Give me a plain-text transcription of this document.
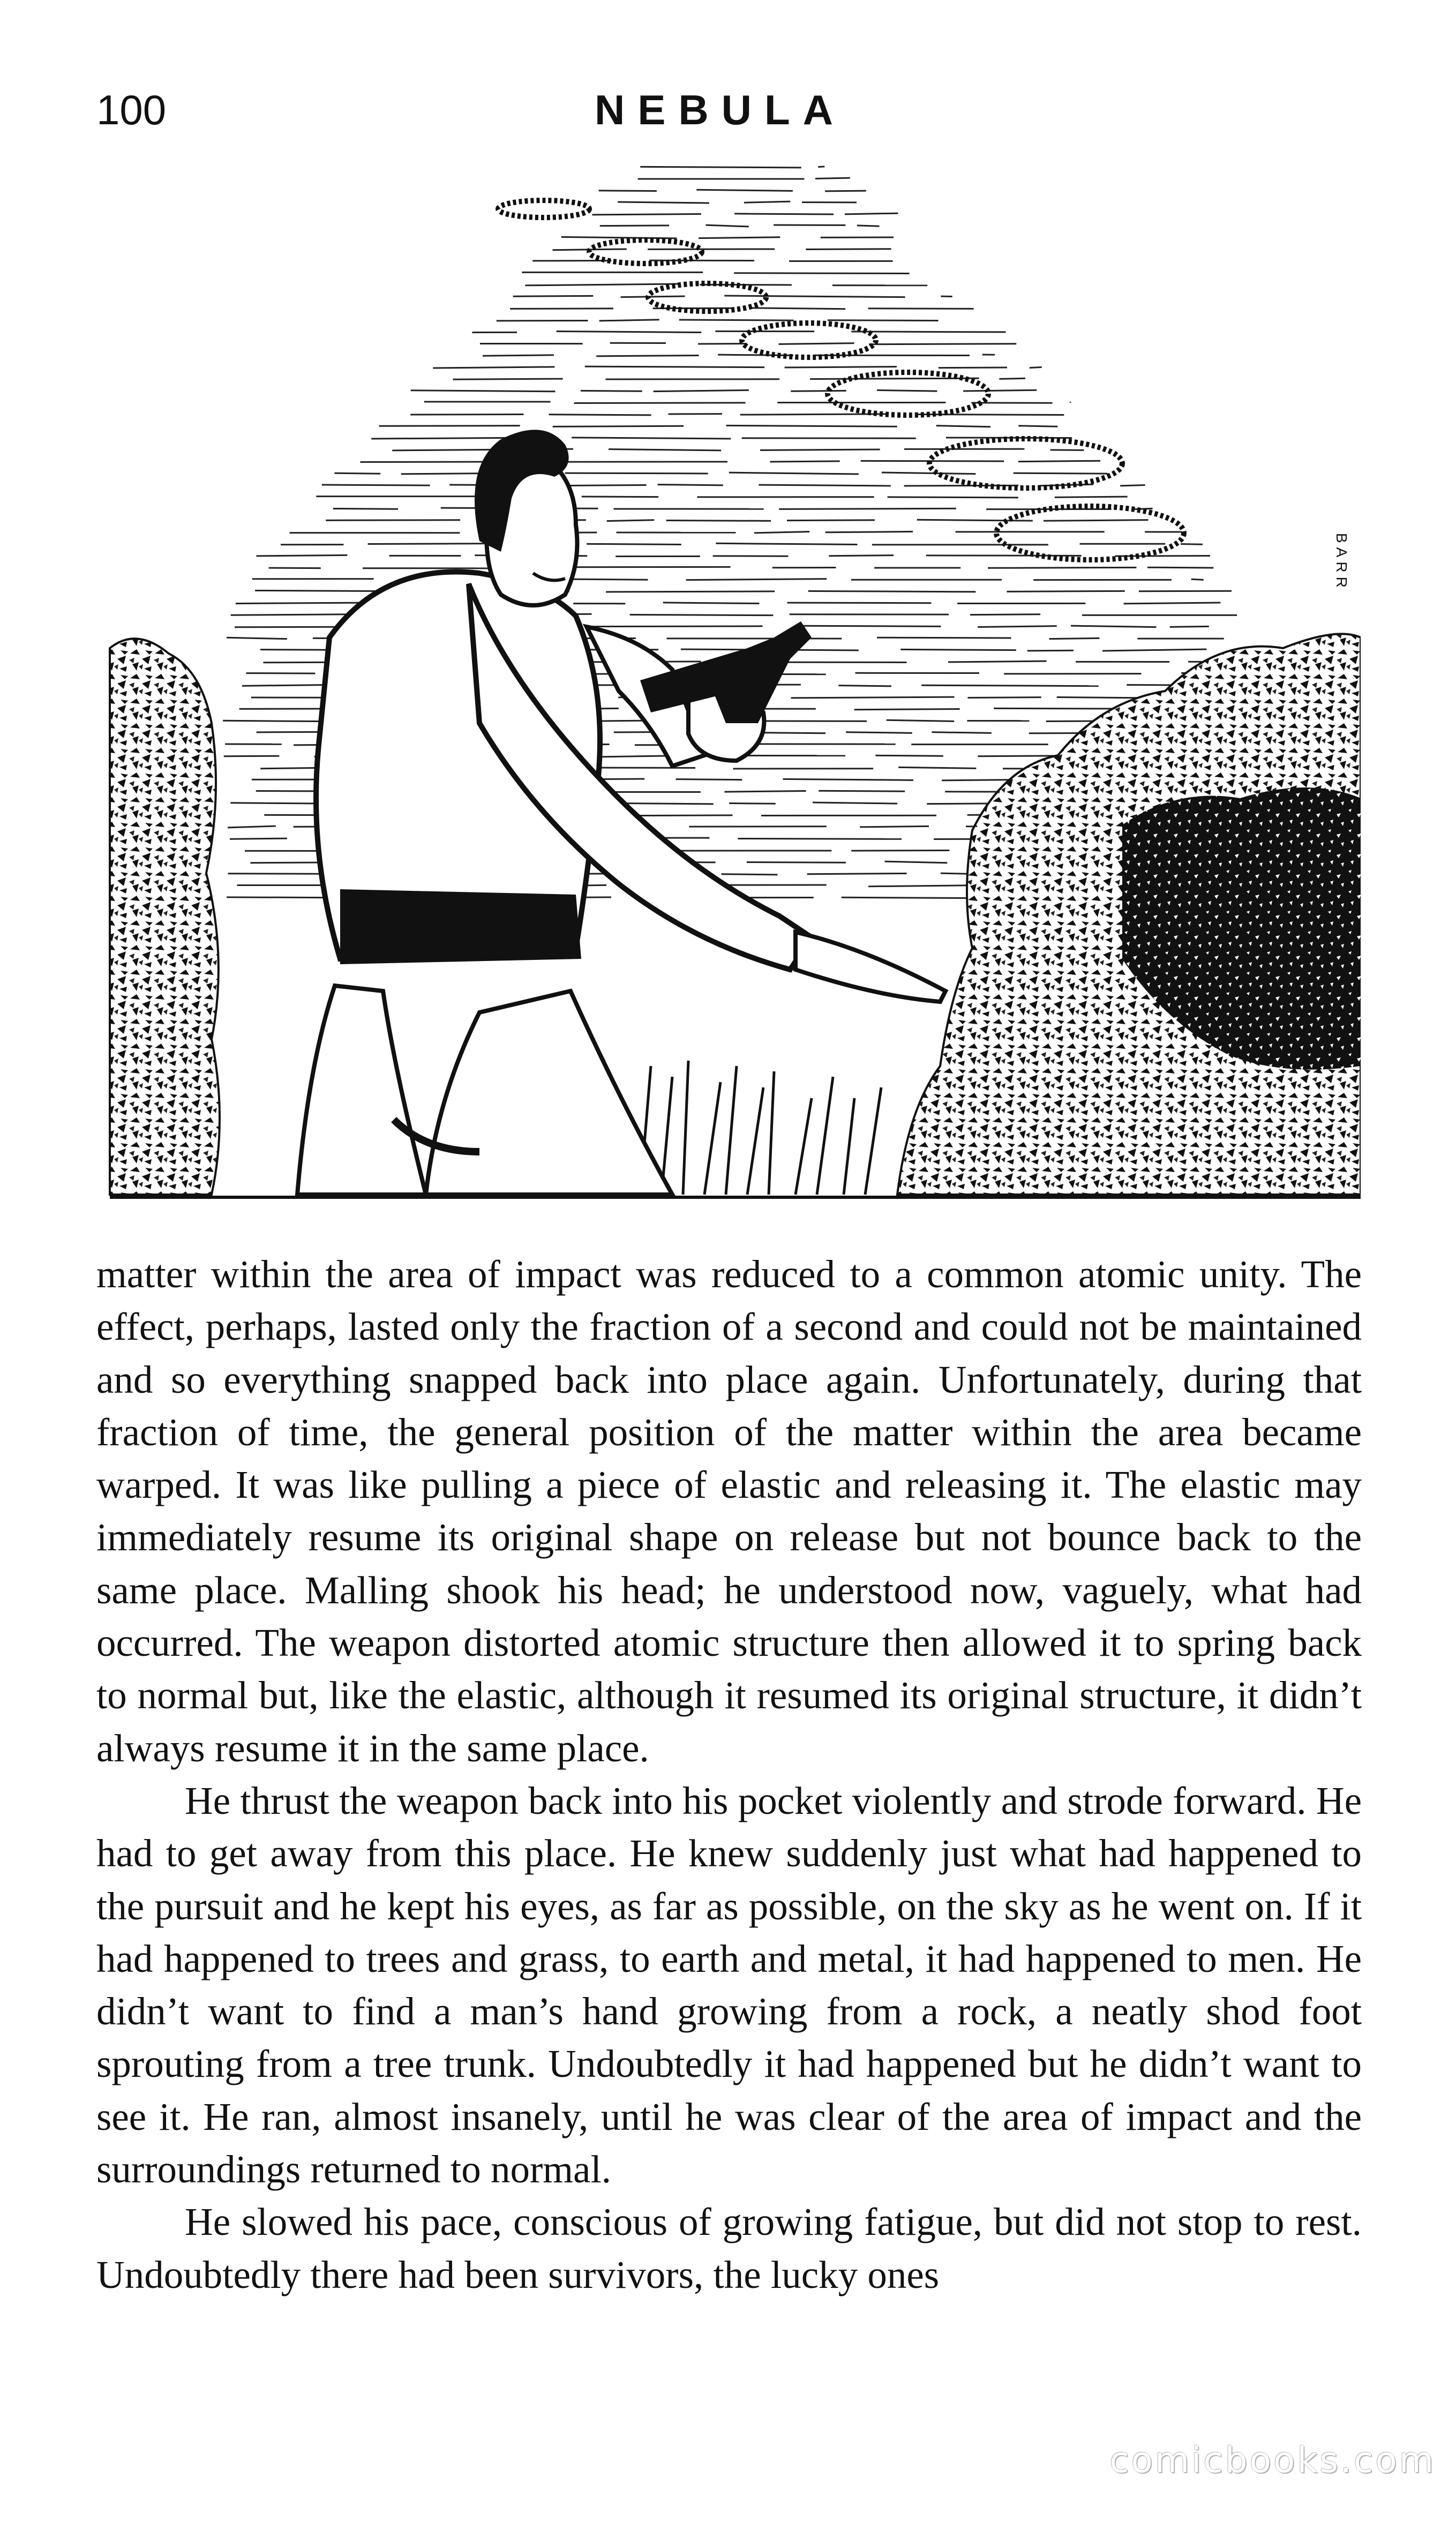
100	NEBULA
BARR

matter within the area of impact was reduced to a common atomic unity. The effect, perhaps, lasted only the fraction of a second and could not be maintained and so everything snapped back into place again. Unfortunately, during that fraction of time, the general position of the matter within the area became warped. It was like pulling a piece of elastic and releasing it. The elastic may immediately resume its original shape on release but not bounce back to the same place. Malling shook his head; he understood now, vaguely, what had occurred. The weapon distorted atomic structure then allowed it to spring back to normal but, like the elastic, although it resumed its original structure, it didn’t always resume it in the same place.

He thrust the weapon back into his pocket violently and strode forward. He had to get away from this place. He knew suddenly just what had happened to the pursuit and he kept his eyes, as far as possible, on the sky as he went on. If it had happened to trees and grass, to earth and metal, it had happened to men. He didn’t want to find a man’s hand growing from a rock, a neatly shod foot sprouting from a tree trunk. Undoubtedly it had happened but he didn’t want to see it. He ran, almost insanely, until he was clear of the area of impact and the surroundings returned to normal.

He slowed his pace, conscious of growing fatigue, but did not stop to rest. Undoubtedly there had been survivors, the lucky ones

comicbooks.com
